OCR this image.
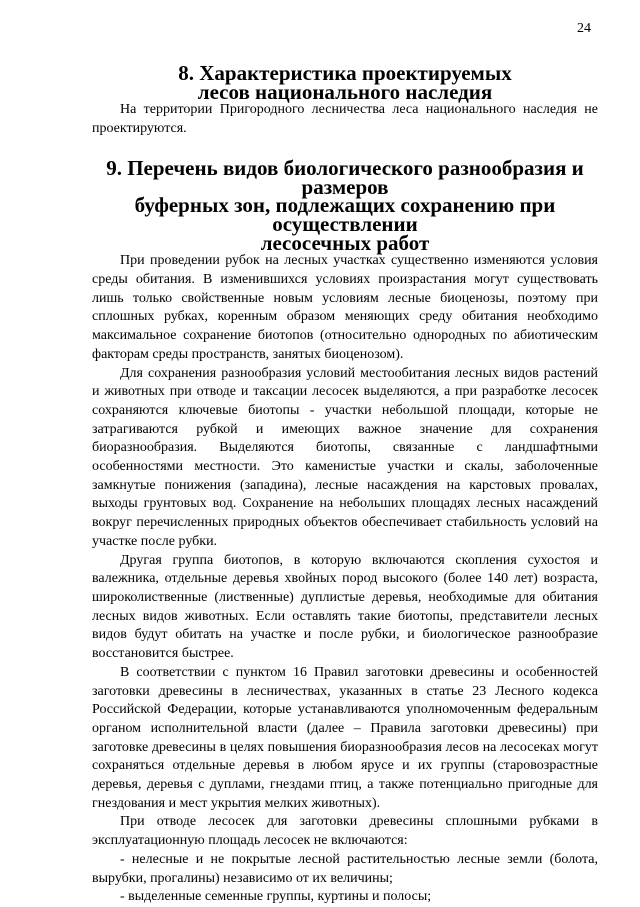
24
8. Характеристика проектируемых
лесов национального наследия

На территории Пригородного лесничества леса национального наследия не проектируются.

9. Перечень видов биологического разнообразия и размеров
буферных зон, подлежащих сохранению при осуществлении
лесосечных работ

При проведении рубок на лесных участках существенно изменяются условия среды обитания. В изменившихся условиях произрастания могут существовать лишь только свойственные новым условиям лесные биоценозы, поэтому при сплошных рубках, коренным образом меняющих среду обитания необходимо максимальное сохранение биотопов (относительно однородных по абиотическим факторам среды пространств, занятых биоценозом).

Для сохранения разнообразия условий местообитания лесных видов растений и животных при отводе и таксации лесосек выделяются, а при разработке лесосек сохраняются ключевые биотопы - участки небольшой площади, которые не затрагиваются рубкой и имеющих важное значение для сохранения биоразнообразия. Выделяются биотопы, связанные с ландшафтными особенностями местности. Это каменистые участки и скалы, заболоченные замкнутые понижения (западина), лесные насаждения на карстовых провалах, выходы грунтовых вод. Сохранение на небольших площадях лесных насаждений вокруг перечисленных природных объектов обеспечивает стабильность условий на участке после рубки.

Другая группа биотопов, в которую включаются скопления сухостоя и валежника, отдельные деревья хвойных пород высокого (более 140 лет) возраста, широколиственные (лиственные) дуплистые деревья, необходимые для обитания лесных видов животных. Если оставлять такие биотопы, представители лесных видов будут обитать на участке и после рубки, и биологическое разнообразие восстановится быстрее.

В соответствии с пунктом 16 Правил заготовки древесины и особенностей заготовки древесины в лесничествах, указанных в статье 23 Лесного кодекса Российской Федерации, которые устанавливаются уполномоченным федеральным органом исполнительной власти (далее – Правила заготовки древесины) при заготовке древесины в целях повышения биоразнообразия лесов на лесосеках могут сохраняться отдельные деревья в любом ярусе и их группы (старовозрастные деревья, деревья с дуплами, гнездами птиц, а также потенциально пригодные для гнездования и мест укрытия мелких животных).

При отводе лесосек для заготовки древесины сплошными рубками в эксплуатационную площадь лесосек не включаются:

- нелесные и не покрытые лесной растительностью лесные земли (болота, вырубки, прогалины) независимо от их величины;

- выделенные семенные группы, куртины и полосы;
